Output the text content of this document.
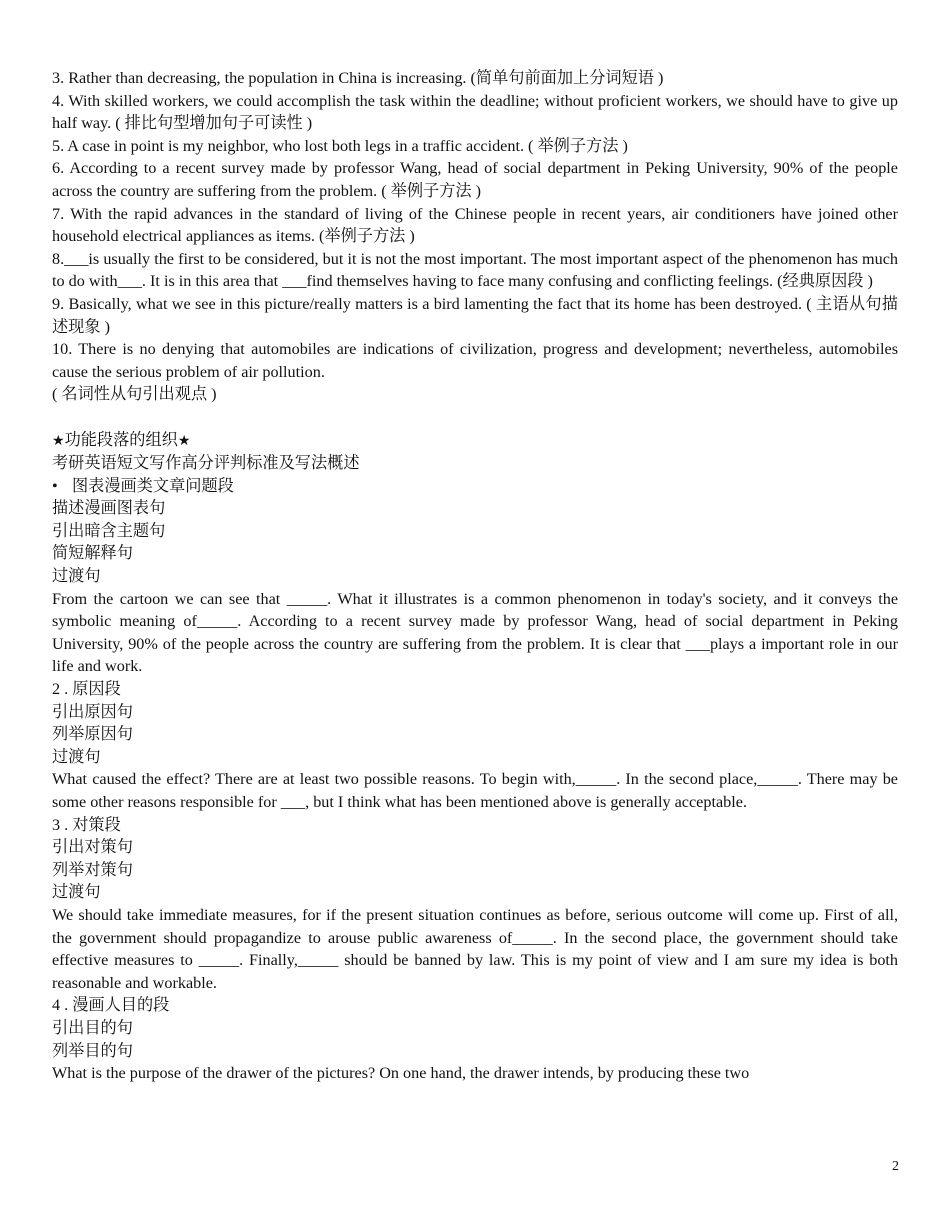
3. Rather than decreasing, the population in China is increasing. (简单句前面加上分词短语 )

4. With skilled workers, we could accomplish the task within the deadline; without proficient workers, we should have to give up half way. ( 排比句型增加句子可读性 )

5. A case in point is my neighbor, who lost both legs in a traffic accident. ( 举例子方法 )

6. According to a recent survey made by professor Wang, head of social department in Peking University, 90% of the people across the country are suffering from the problem. ( 举例子方法 )

7. With the rapid advances in the standard of living of the Chinese people in recent years, air conditioners have joined other household electrical appliances as items. (举例子方法 )

8.___is usually the first to be considered, but it is not the most important. The most important aspect of the phenomenon has much to do with___. It is in this area that ___find themselves having to face many confusing and conflicting feelings. (经典原因段 )

9. Basically, what we see in this picture/really matters is a bird lamenting the fact that its home has been destroyed. ( 主语从句描述现象 )

10. There is no denying that automobiles are indications of civilization, progress and development; nevertheless, automobiles cause the serious problem of air pollution.

( 名词性从句引出观点 )

★功能段落的组织★

考研英语短文写作高分评判标准及写法概述

• 图表漫画类文章问题段

描述漫画图表句

引出暗含主题句

简短解释句

过渡句

From the cartoon we can see that _____. What it illustrates is a common phenomenon in today's society, and it conveys the symbolic meaning of_____. According to a recent survey made by professor Wang, head of social department in Peking University, 90% of the people across the country are suffering from the problem. It is clear that ___plays a important role in our life and work.

2 . 原因段

引出原因句

列举原因句

过渡句

What caused the effect? There are at least two possible reasons. To begin with,_____. In the second place,_____. There may be some other reasons responsible for ___, but I think what has been mentioned above is generally acceptable.

3 . 对策段

引出对策句

列举对策句

过渡句

We should take immediate measures, for if the present situation continues as before, serious outcome will come up. First of all, the government should propagandize to arouse public awareness of_____. In the second place, the government should take effective measures to _____. Finally,_____ should be banned by law. This is my point of view and I am sure my idea is both reasonable and workable.

4 . 漫画人目的段

引出目的句

列举目的句

What is the purpose of the drawer of the pictures? On one hand, the drawer intends, by producing these two

2
